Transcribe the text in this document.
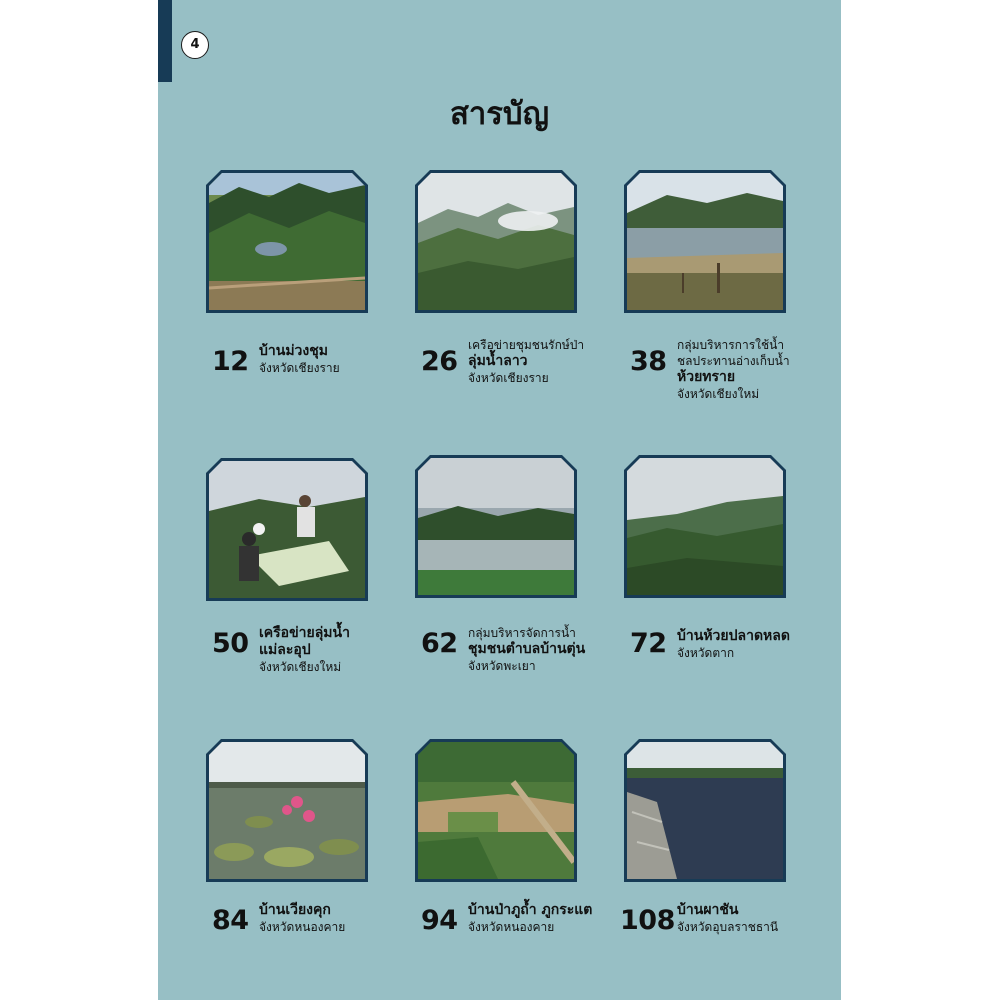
4
สารบัญ
12 บ้านม่วงชุม
จังหวัดเชียงราย	26
เครือข่ายชุมชนรักษ์ป่า
ลุ่มน้ำลาว
จังหวัดเชียงราย
38
กลุ่มบริหารการใช้น้ำ
ชลประทานอ่างเก็บน้ำ
ห้วยทราย
จังหวัดเชียงใหม่
50 เครือข่ายลุ่มน้ำ
แม่ละอุป
จังหวัดเชียงใหม่
62 กลุ่มบริหารจัดการน้ำ
ชุมชนตำบลบ้านตุ่น
จังหวัดพะเยา
72 บ้านห้วยปลาดหลด
จังหวัดตาก
84 บ้านเวียงคุก
จังหวัดหนองคาย	94 บ้านป่าภูถ้ำ ภูกระแต
จังหวัดหนองคาย	108 บ้านผาชัน
จังหวัดอุบลราชธานี
